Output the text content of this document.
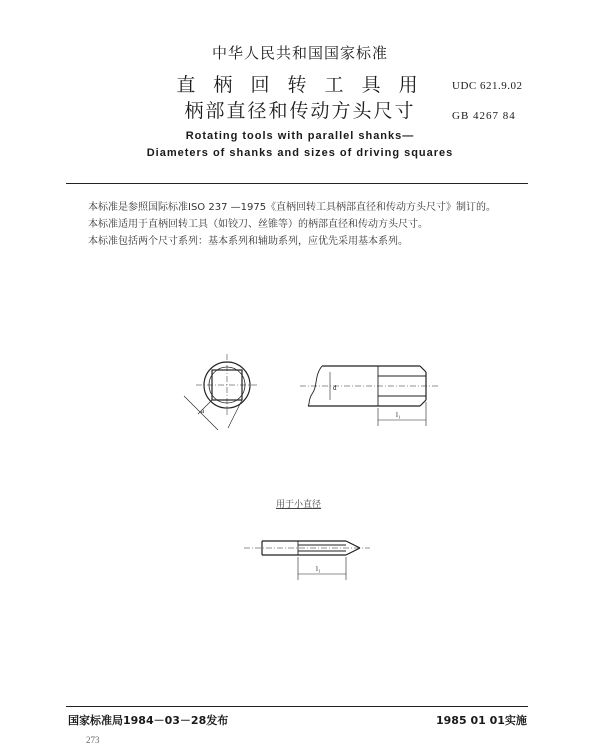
中华人民共和国国家标准
直 柄 回 转 工 具 用
柄部直径和传动方头尺寸
UDC 621.9.02
GB 4267 84
Rotating tools with parallel shanks—
Diameters of shanks and sizes of driving squares
本标准是参照国际标准ISO 237 —1975《直柄回转工具柄部直径和传动方头尺寸》制订的。
本标准适用于直柄回转工具（如铰刀、丝锥等）的柄部直径和传动方头尺寸。
本标准包括两个尺寸系列：基本系列和辅助系列，应优先采用基本系列。
a
d
l₁
l₁
用于小直径
国家标准局1984－03－28发布	1985 01 01实施
273
